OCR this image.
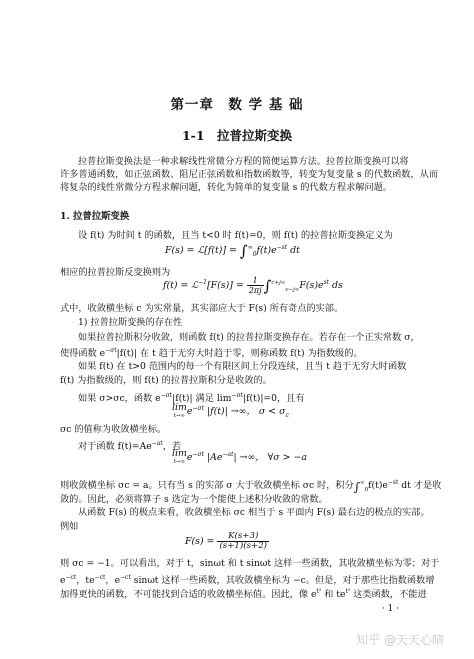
第一章　数 学 基 础
1-1　拉普拉斯变换
拉普拉斯变换法是一种求解线性常微分方程的简便运算方法。拉普拉斯变换可以将
许多普通函数，如正弦函数、阻尼正弦函数和指数函数等，转变为复变量 s 的代数函数，从而
将复杂的线性常微分方程求解问题，转化为简单的复变量 s 的代数方程求解问题。
1. 拉普拉斯变换
设 f(t) 为时间 t 的函数，且当 t<0 时 f(t)=0，则 f(t) 的拉普拉斯变换定义为
F(s) = ℒ[f(t)] = $\int^\infty_0f(t)e^{-st}$ dt
相应的拉普拉斯反变换则为
f(t) = ℒ$^{-1}$[F(s)] = $\frac{1}{2\pi j} \int^{c+j\infty}_{c-j\infty}F(s)e^{st}$ ds
式中，收敛横坐标 c 为实常量，其实部应大于 F(s) 所有奇点的实部。
1) 拉普拉斯变换的存在性
如果拉普拉斯积分收敛，则函数 f(t) 的拉普拉斯变换存在。若存在一个正实常数 σ，
使得函数 $e^{-\sigma t}|f(t)|$ 在 t 趋于无穷大时趋于零，则称函数 f(t) 为指数级的。
如果 f(t) 在 t>0 范围内的每一个有限区间上分段连续，且当 t 趋于无穷大时函数
f(t) 为指数级的，则 f(t) 的拉普拉斯积分是收敛的。
如果 σ>σc，函数 $e^{-\sigma t}|f(t)|$ 满足 $\lim^{-\sigma t}|f(t)|=0$，且有
lim
t→∞ $e^{-\sigma t}$ |f(t)| →∞， $\sigma < \sigma_c$
σc 的值称为收敛横坐标。
对于函数 $f(t)=Ae^{-at}$，若
lim
t→∞ $e^{-\sigma t}$ $|Ae^{-at}|$ →∞， ∀σ > −a
则收敛横坐标 σc = a。只有当 s 的实部 σ 大于收敛横坐标 σc 时，积分$\int^\infty_0f(t)e^{-st}$ dt 才是收
敛的。因此，必须将算子 s 选定为一个能使上述积分收敛的常数。
从函数 F(s) 的极点来看，收敛横坐标 σc 相当于 s 平面内 F(s) 最右边的极点的实部。
例如
$F(s) = \frac{K(s+3)}{(s+1)(s+2)}$
则 σc = −1。可以看出，对于 t，sinωt 和 t sinωt 这样一些函数，其收敛横坐标为零；对于
$e^{-ct}$，$te^{-ct}$，$e^{-ct}$ sinωt 这样一些函数，其收敛横坐标为 −c。但是，对于那些比指数函数增
加得更快的函数，不可能找到合适的收敛横坐标值。因此，像 $e^{t^2}$ 和 $te^{t^2}$ 这类函数，不能进
· 1 ·
知乎 @天天心晴
